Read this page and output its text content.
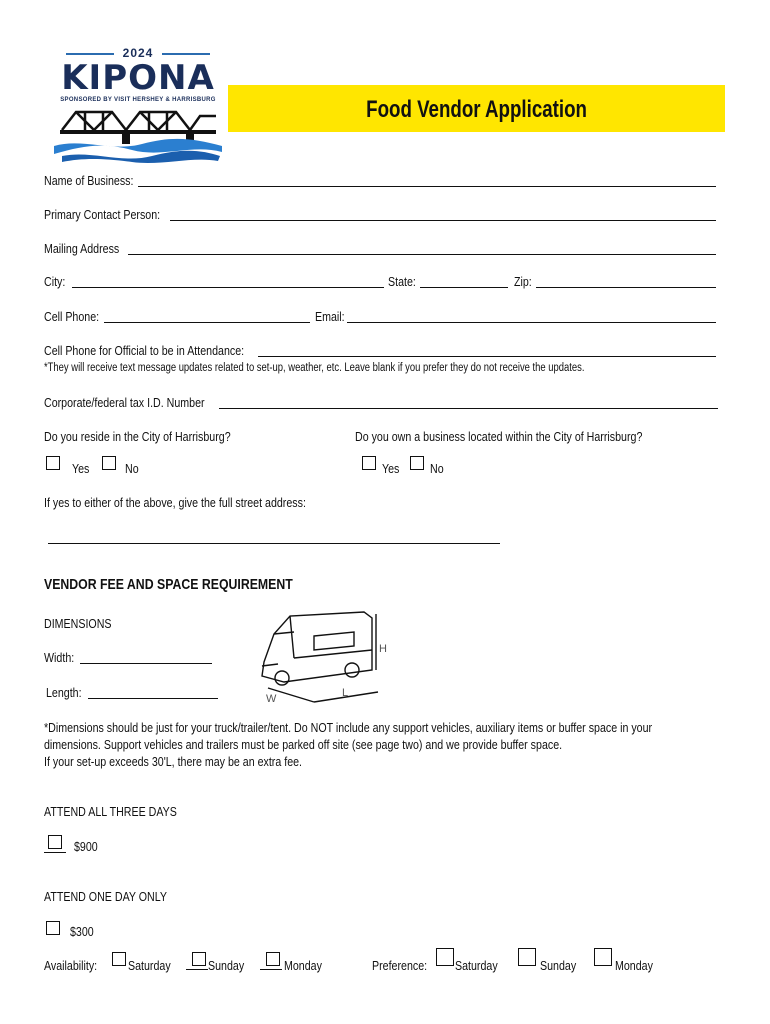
2024
KIPONA
SPONSORED BY VISIT HERSHEY & HARRISBURG	Food Vendor Application
Name of Business:
Primary Contact Person:
Mailing Address
City:	State:	Zip:
Cell Phone:	Email:
Cell Phone for Official to be in Attendance:
*They will receive text message updates related to set-up, weather, etc. Leave blank if you prefer they do not receive the updates.
Corporate/federal tax I.D. Number
Do you reside in the City of Harrisburg?	Do you own a business located within the City of Harrisburg?
Yes	No	Yes No
If yes to either of the above, give the full street address:
VENDOR FEE AND SPACE REQUIREMENT
DIMENSIONS
Width:
Length:
H
W	L
*Dimensions should be just for your truck/trailer/tent. Do NOT include any support vehicles, auxiliary items or buffer space in your
dimensions. Support vehicles and trailers must be parked off site (see page two) and we provide buffer space.
If your set-up exceeds 30'L, there may be an extra fee.
ATTEND ALL THREE DAYS
$900
ATTEND ONE DAY ONLY
$300
Availability:	Saturday	Sunday	Monday	Preference:	Saturday	Sunday	Monday
